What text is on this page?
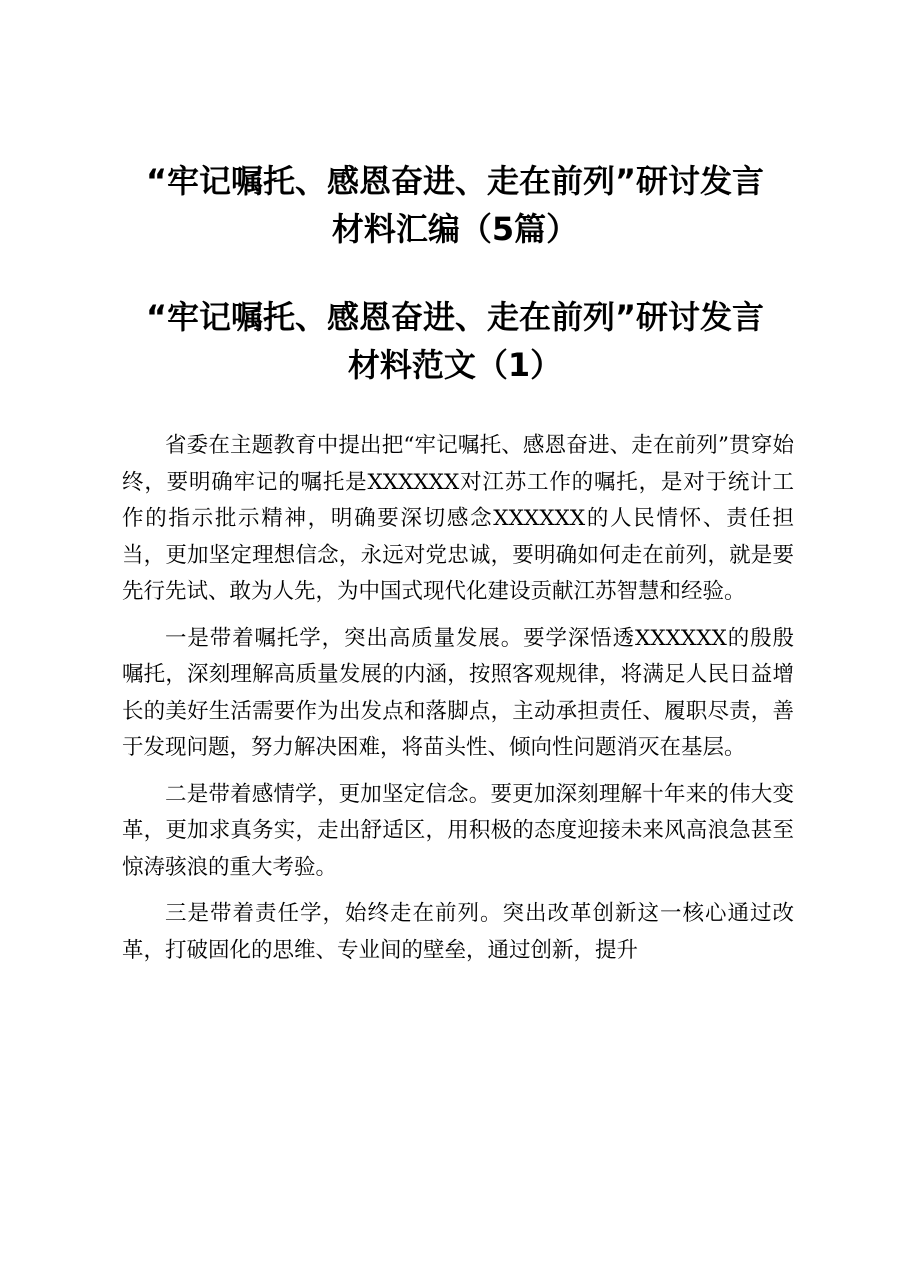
“牢记嘱托、感恩奋进、走在前列”研讨发言
材料汇编（5篇）
“牢记嘱托、感恩奋进、走在前列”研讨发言
材料范文（1）

省委在主题教育中提出把“牢记嘱托、感恩奋进、走在前列”贯穿始终，要明确牢记的嘱托是XXXXXX对江苏工作的嘱托，是对于统计工作的指示批示精神，明确要深切感念XXXXXX的人民情怀、责任担当，更加坚定理想信念，永远对党忠诚，要明确如何走在前列，就是要先行先试、敢为人先，为中国式现代化建设贡献江苏智慧和经验。

一是带着嘱托学，突出高质量发展。要学深悟透XXXXXX的殷殷嘱托，深刻理解高质量发展的内涵，按照客观规律，将满足人民日益增长的美好生活需要作为出发点和落脚点，主动承担责任、履职尽责，善于发现问题，努力解决困难，将苗头性、倾向性问题消灭在基层。

二是带着感情学，更加坚定信念。要更加深刻理解十年来的伟大变革，更加求真务实，走出舒适区，用积极的态度迎接未来风高浪急甚至惊涛骇浪的重大考验。

三是带着责任学，始终走在前列。突出改革创新这一核心通过改革，打破固化的思维、专业间的壁垒，通过创新，提升
